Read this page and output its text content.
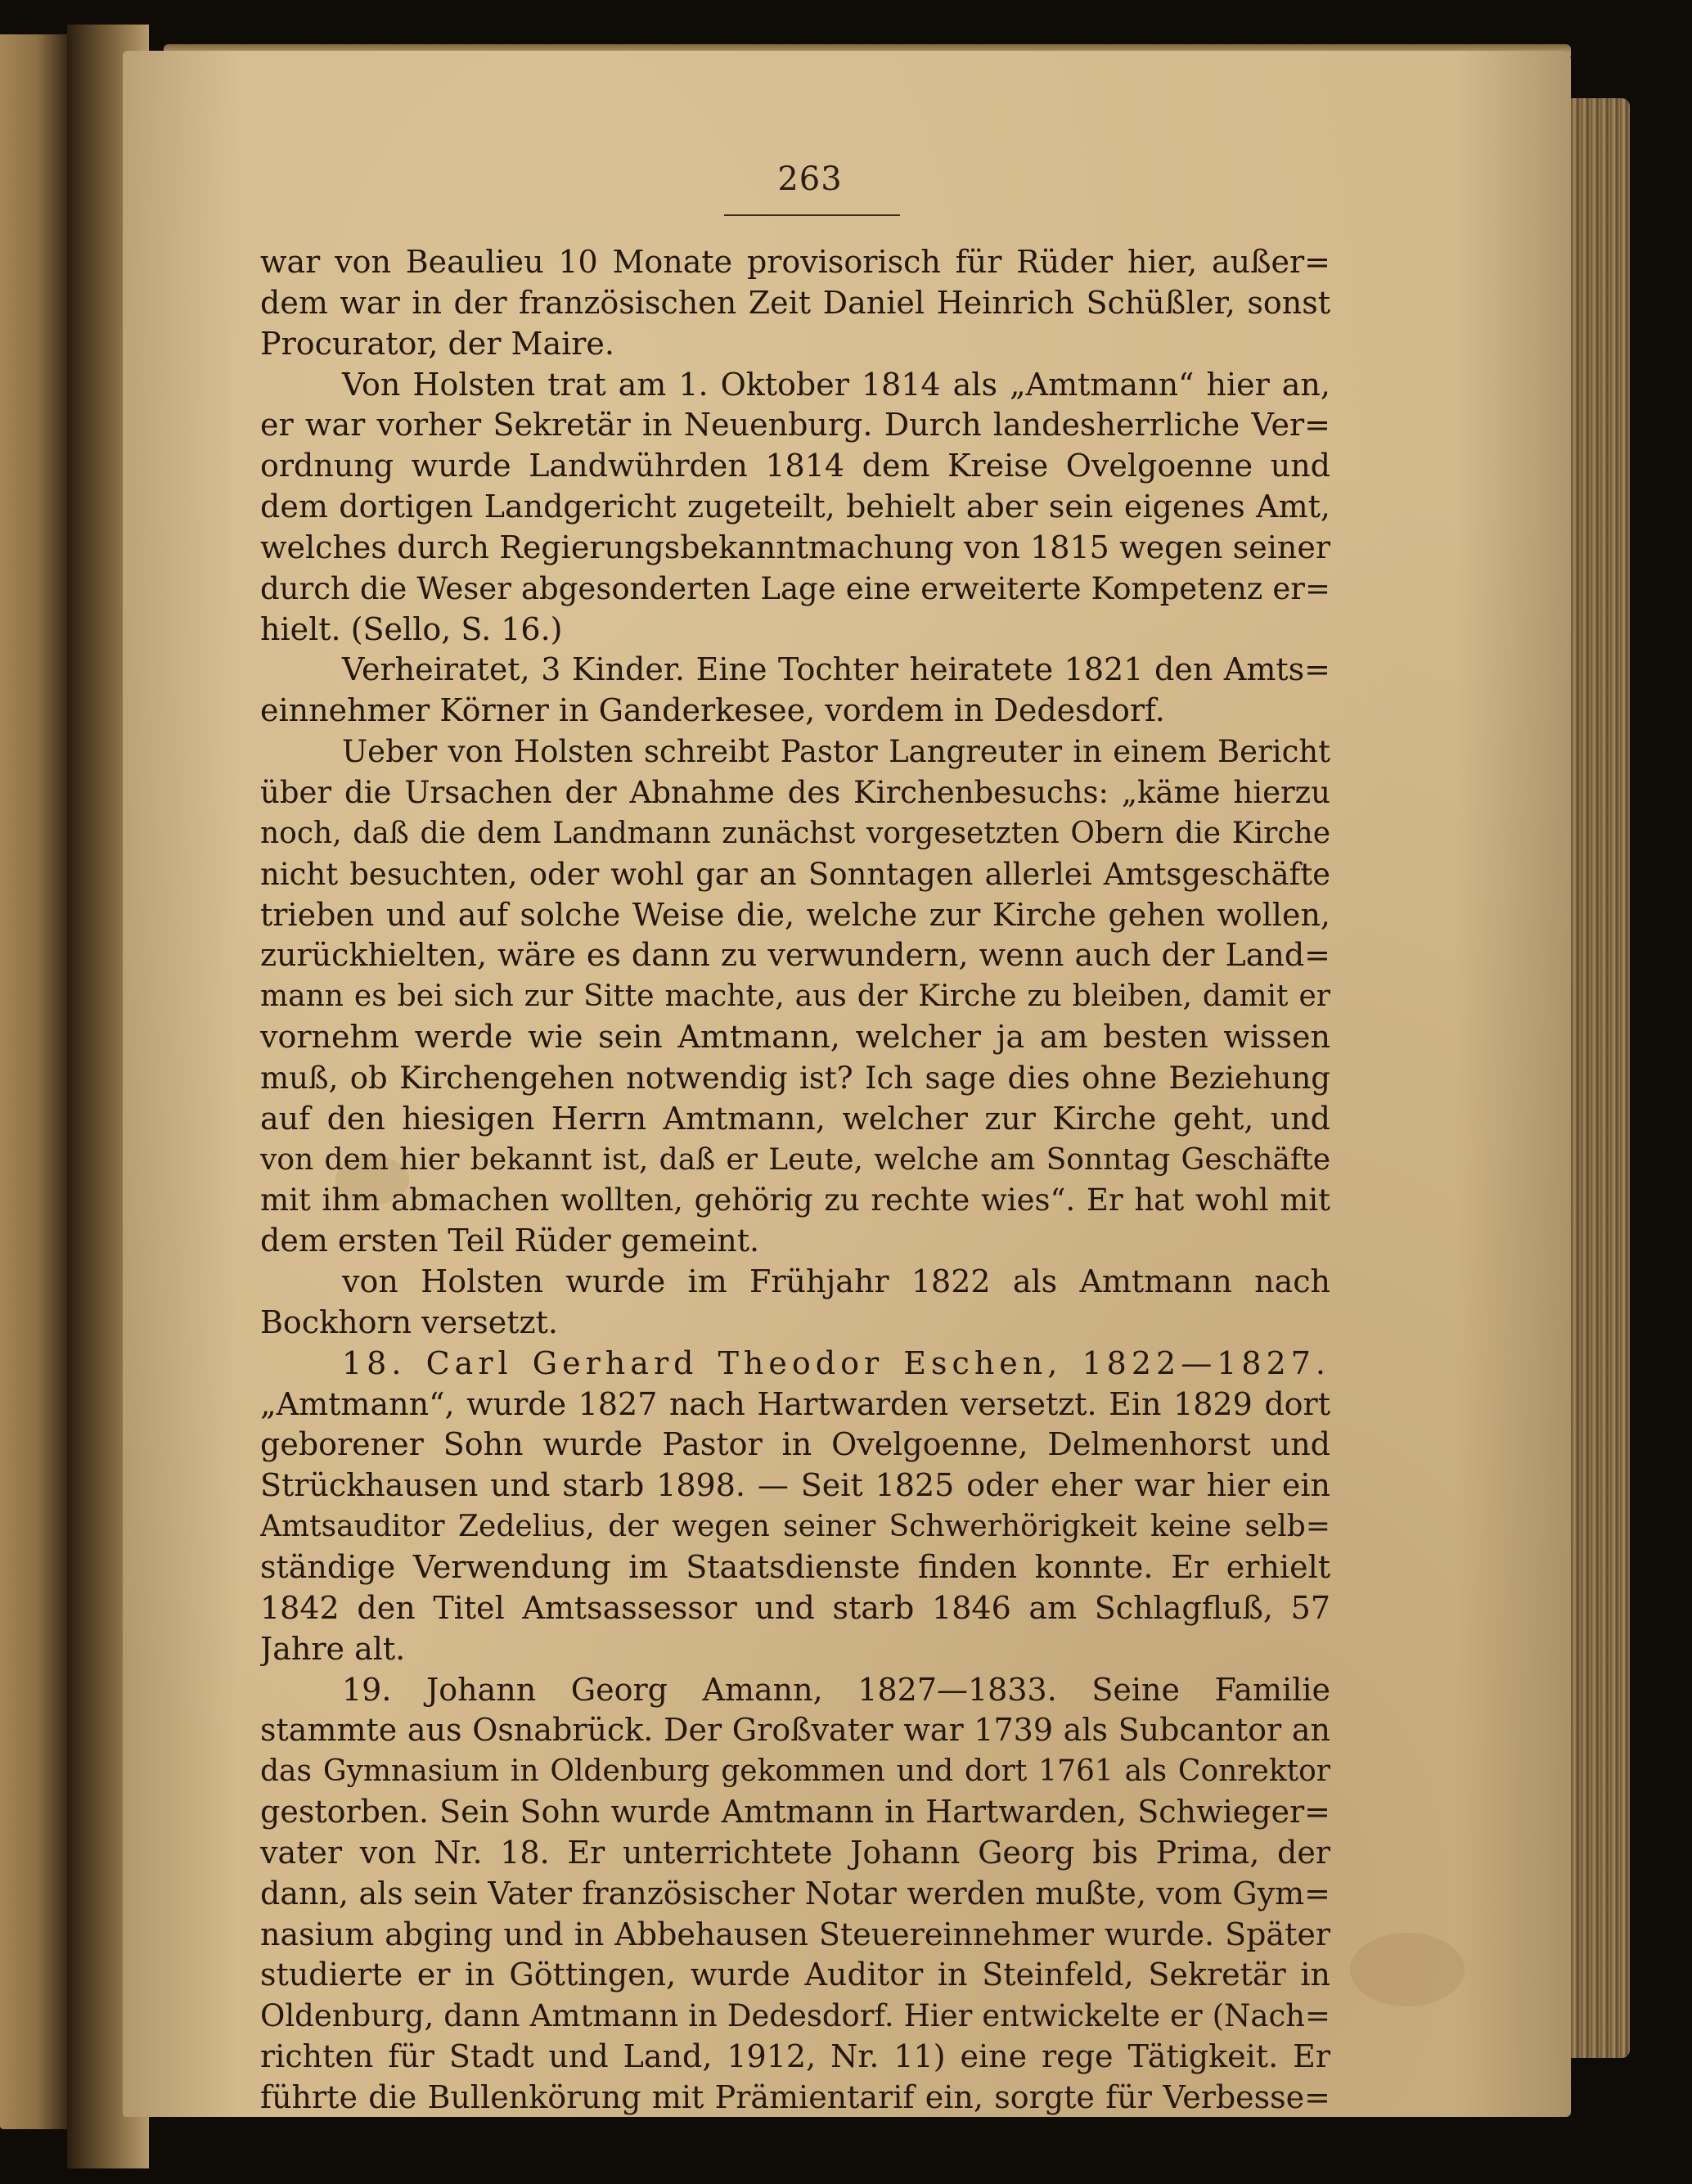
263
war von Beaulieu 10 Monate provisorisch für Rüder hier, außer=
dem war in der französischen Zeit Daniel Heinrich Schüßler, sonst
Procurator, der Maire.
Von Holsten trat am 1. Oktober 1814 als „Amtmann“ hier an,
er war vorher Sekretär in Neuenburg. Durch landesherrliche Ver=
ordnung wurde Landwührden 1814 dem Kreise Ovelgoenne und
dem dortigen Landgericht zugeteilt, behielt aber sein eigenes Amt,
welches durch Regierungsbekanntmachung von 1815 wegen seiner
durch die Weser abgesonderten Lage eine erweiterte Kompetenz er=
hielt. (Sello, S. 16.)
Verheiratet, 3 Kinder. Eine Tochter heiratete 1821 den Amts=
einnehmer Körner in Ganderkesee, vordem in Dedesdorf.
Ueber von Holsten schreibt Pastor Langreuter in einem Bericht
über die Ursachen der Abnahme des Kirchenbesuchs: „käme hierzu
noch, daß die dem Landmann zunächst vorgesetzten Obern die Kirche
nicht besuchten, oder wohl gar an Sonntagen allerlei Amtsgeschäfte
trieben und auf solche Weise die, welche zur Kirche gehen wollen,
zurückhielten, wäre es dann zu verwundern, wenn auch der Land=
mann es bei sich zur Sitte machte, aus der Kirche zu bleiben, damit er
vornehm werde wie sein Amtmann, welcher ja am besten wissen
muß, ob Kirchengehen notwendig ist? Ich sage dies ohne Beziehung
auf den hiesigen Herrn Amtmann, welcher zur Kirche geht, und
von dem hier bekannt ist, daß er Leute, welche am Sonntag Geschäfte
mit ihm abmachen wollten, gehörig zu rechte wies“. Er hat wohl mit
dem ersten Teil Rüder gemeint.
von Holsten wurde im Frühjahr 1822 als Amtmann nach
Bockhorn versetzt.
18. Carl Gerhard Theodor Eschen, 1822—1827.
„Amtmann“, wurde 1827 nach Hartwarden versetzt. Ein 1829 dort
geborener Sohn wurde Pastor in Ovelgoenne, Delmenhorst und
Strückhausen und starb 1898. — Seit 1825 oder eher war hier ein
Amtsauditor Zedelius, der wegen seiner Schwerhörigkeit keine selb=
ständige Verwendung im Staatsdienste finden konnte. Er erhielt
1842 den Titel Amtsassessor und starb 1846 am Schlagfluß, 57
Jahre alt.
19. Johann Georg Amann, 1827—1833. Seine Familie
stammte aus Osnabrück. Der Großvater war 1739 als Subcantor an
das Gymnasium in Oldenburg gekommen und dort 1761 als Conrektor
gestorben. Sein Sohn wurde Amtmann in Hartwarden, Schwieger=
vater von Nr. 18. Er unterrichtete Johann Georg bis Prima, der
dann, als sein Vater französischer Notar werden mußte, vom Gym=
nasium abging und in Abbehausen Steuereinnehmer wurde. Später
studierte er in Göttingen, wurde Auditor in Steinfeld, Sekretär in
Oldenburg, dann Amtmann in Dedesdorf. Hier entwickelte er (Nach=
richten für Stadt und Land, 1912, Nr. 11) eine rege Tätigkeit. Er
führte die Bullenkörung mit Prämientarif ein, sorgte für Verbesse=
